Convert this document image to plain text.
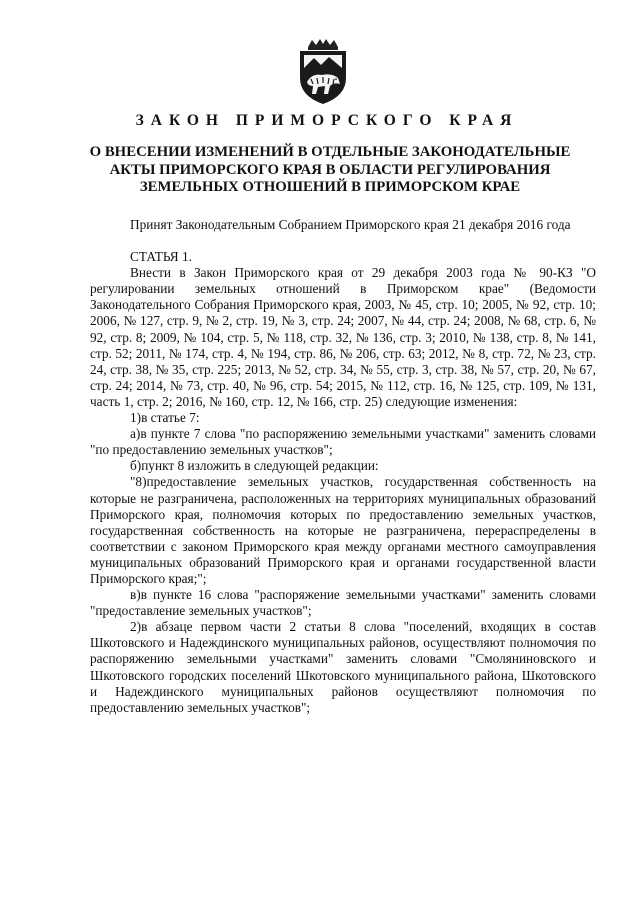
ЗАКОН ПРИМОРСКОГО КРАЯ
О ВНЕСЕНИИ ИЗМЕНЕНИЙ В ОТДЕЛЬНЫЕ ЗАКОНОДАТЕЛЬНЫЕ
АКТЫ ПРИМОРСКОГО КРАЯ В ОБЛАСТИ РЕГУЛИРОВАНИЯ
ЗЕМЕЛЬНЫХ ОТНОШЕНИЙ В ПРИМОРСКОМ КРАЕ

Принят Законодательным Собранием Приморского края 21 декабря 2016 года

СТАТЬЯ 1.

Внести в Закон Приморского края от 29 декабря 2003 года № 90-КЗ "О регулировании земельных отношений в Приморском крае" (Ведомости Законодательного Собрания Приморского края, 2003, № 45, стр. 10; 2005, № 92, стр. 10; 2006, № 127, стр. 9, № 2, стр. 19, № 3, стр. 24; 2007, № 44, стр. 24; 2008, № 68, стр. 6, № 92, стр. 8; 2009, № 104, стр. 5, № 118, стр. 32, № 136, стр. 3; 2010, № 138, стр. 8, № 141, стр. 52; 2011, № 174, стр. 4, № 194, стр. 86, № 206, стр. 63; 2012, № 8, стр. 72, № 23, стр. 24, стр. 38, № 35, стр. 225; 2013, № 52, стр. 34, № 55, стр. 3, стр. 38, № 57, стр. 20, № 67, стр. 24; 2014, № 73, стр. 40, № 96, стр. 54; 2015, № 112, стр. 16, № 125, стр. 109, № 131, часть 1, стр. 2; 2016, № 160, стр. 12, № 166, стр. 25) следующие изменения:

1)в статье 7:

а)в пункте 7 слова "по распоряжению земельными участками" заменить словами "по предоставлению земельных участков";

б)пункт 8 изложить в следующей редакции:

"8)предоставление земельных участков, государственная собственность на которые не разграничена, расположенных на территориях муниципальных образований Приморского края, полномочия которых по предоставлению земельных участков, государственная собственность на которые не разграничена, перераспределены в соответствии с законом Приморского края между органами местного самоуправления муниципальных образований Приморского края и органами государственной власти Приморского края;";

в)в пункте 16 слова "распоряжение земельными участками" заменить словами "предоставление земельных участков";

2)в абзаце первом части 2 статьи 8 слова "поселений, входящих в состав Шкотовского и Надеждинского муниципальных районов, осуществляют полномочия по распоряжению земельными участками" заменить словами "Смоляниновского и Шкотовского городских поселений Шкотовского муниципального района, Шкотовского и Надеждинского муниципальных районов осуществляют полномочия по предоставлению земельных участков";
